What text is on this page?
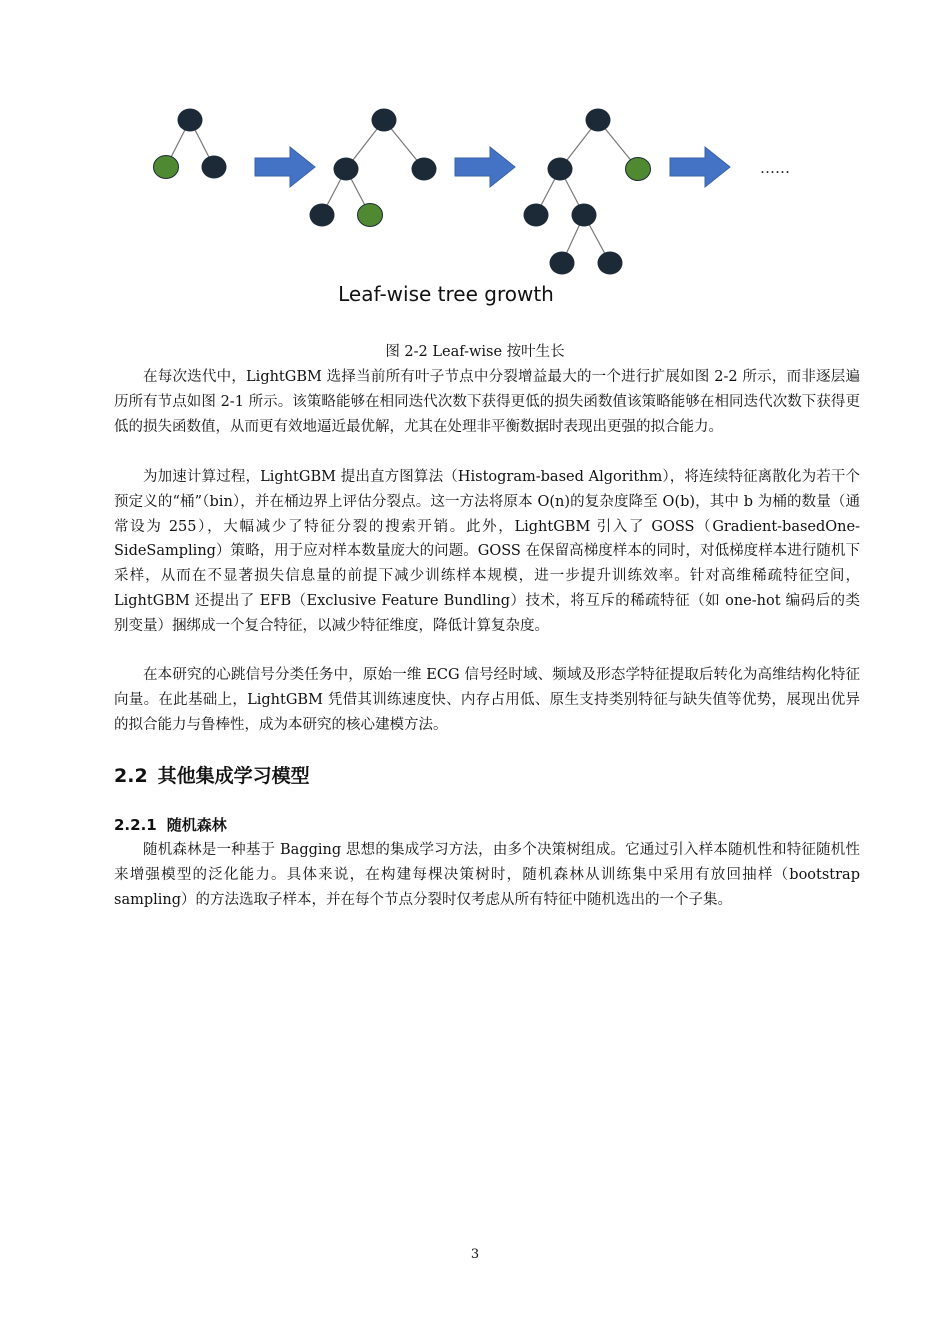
……
Leaf-wise tree growth
图 2-2 Leaf-wise 按叶生长

在每次迭代中，LightGBM 选择当前所有叶子节点中分裂增益最大的一个进行扩展如图 2-2 所示，而非逐层遍历所有节点如图 2-1 所示。该策略能够在相同迭代次数下获得更低的损失函数值该策略能够在相同迭代次数下获得更低的损失函数值，从而更有效地逼近最优解，尤其在处理非平衡数据时表现出更强的拟合能力。

为加速计算过程，LightGBM 提出直方图算法（Histogram-based Algorithm），将连续特征离散化为若干个预定义的“桶”（bin），并在桶边界上评估分裂点。这一方法将原本 O(n)的复杂度降至 O(b)，其中 b 为桶的数量（通常设为 255），大幅减少了特征分裂的搜索开销。此外，LightGBM 引入了 GOSS（Gradient-basedOne-SideSampling）策略，用于应对样本数量庞大的问题。GOSS 在保留高梯度样本的同时，对低梯度样本进行随机下采样，从而在不显著损失信息量的前提下减少训练样本规模，进一步提升训练效率。针对高维稀疏特征空间，LightGBM 还提出了 EFB（Exclusive Feature Bundling）技术，将互斥的稀疏特征（如 one-hot 编码后的类别变量）捆绑成一个复合特征，以减少特征维度，降低计算复杂度。

在本研究的心跳信号分类任务中，原始一维 ECG 信号经时域、频域及形态学特征提取后转化为高维结构化特征向量。在此基础上，LightGBM 凭借其训练速度快、内存占用低、原生支持类别特征与缺失值等优势，展现出优异的拟合能力与鲁棒性，成为本研究的核心建模方法。

2.2 其他集成学习模型
2.2.1 随机森林

随机森林是一种基于 Bagging 思想的集成学习方法，由多个决策树组成。它通过引入样本随机性和特征随机性来增强模型的泛化能力。具体来说，在构建每棵决策树时，随机森林从训练集中采用有放回抽样（bootstrap sampling）的方法选取子样本，并在每个节点分裂时仅考虑从所有特征中随机选出的一个子集。

3
